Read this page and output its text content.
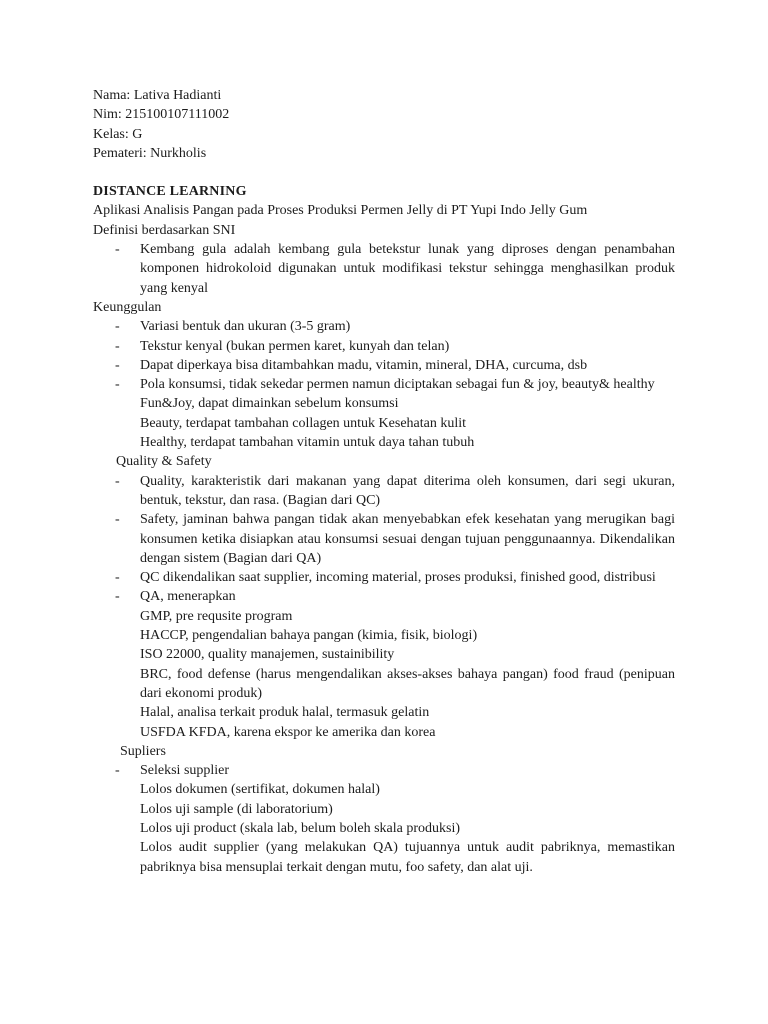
Nama: Lativa Hadianti
Nim: 215100107111002
Kelas: G
Pemateri: Nurkholis
DISTANCE LEARNING
Aplikasi Analisis Pangan pada Proses Produksi Permen Jelly di PT Yupi Indo Jelly Gum
Definisi berdasarkan SNI
- Kembang gula adalah kembang gula betekstur lunak yang diproses dengan penambahan komponen hidrokoloid digunakan untuk modifikasi tekstur sehingga menghasilkan produk yang kenyal
Keunggulan
- Variasi bentuk dan ukuran (3-5 gram)
- Tekstur kenyal (bukan permen karet, kunyah dan telan)
- Dapat diperkaya bisa ditambahkan madu, vitamin, mineral, DHA, curcuma, dsb
- Pola konsumsi, tidak sekedar permen namun diciptakan sebagai fun & joy, beauty& healthy
Fun&Joy, dapat dimainkan sebelum konsumsi
Beauty, terdapat tambahan collagen untuk Kesehatan kulit
Healthy, terdapat tambahan vitamin untuk daya tahan tubuh
Quality & Safety
- Quality, karakteristik dari makanan yang dapat diterima oleh konsumen, dari segi ukuran, bentuk, tekstur, dan rasa. (Bagian dari QC)
- Safety, jaminan bahwa pangan tidak akan menyebabkan efek kesehatan yang merugikan bagi konsumen ketika disiapkan atau konsumsi sesuai dengan tujuan penggunaannya. Dikendalikan dengan sistem (Bagian dari QA)
- QC dikendalikan saat supplier, incoming material, proses produksi, finished good, distribusi
- QA, menerapkan
GMP, pre requsite program
HACCP, pengendalian bahaya pangan (kimia, fisik, biologi)
ISO 22000, quality manajemen, sustainibility
BRC, food defense (harus mengendalikan akses-akses bahaya pangan) food fraud (penipuan dari ekonomi produk)
Halal, analisa terkait produk halal, termasuk gelatin
USFDA KFDA, karena ekspor ke amerika dan korea
Supliers
- Seleksi supplier
Lolos dokumen (sertifikat, dokumen halal)
Lolos uji sample (di laboratorium)
Lolos uji product (skala lab, belum boleh skala produksi)
Lolos audit supplier (yang melakukan QA) tujuannya untuk audit pabriknya, memastikan pabriknya bisa mensuplai terkait dengan mutu, foo safety, dan alat uji.
